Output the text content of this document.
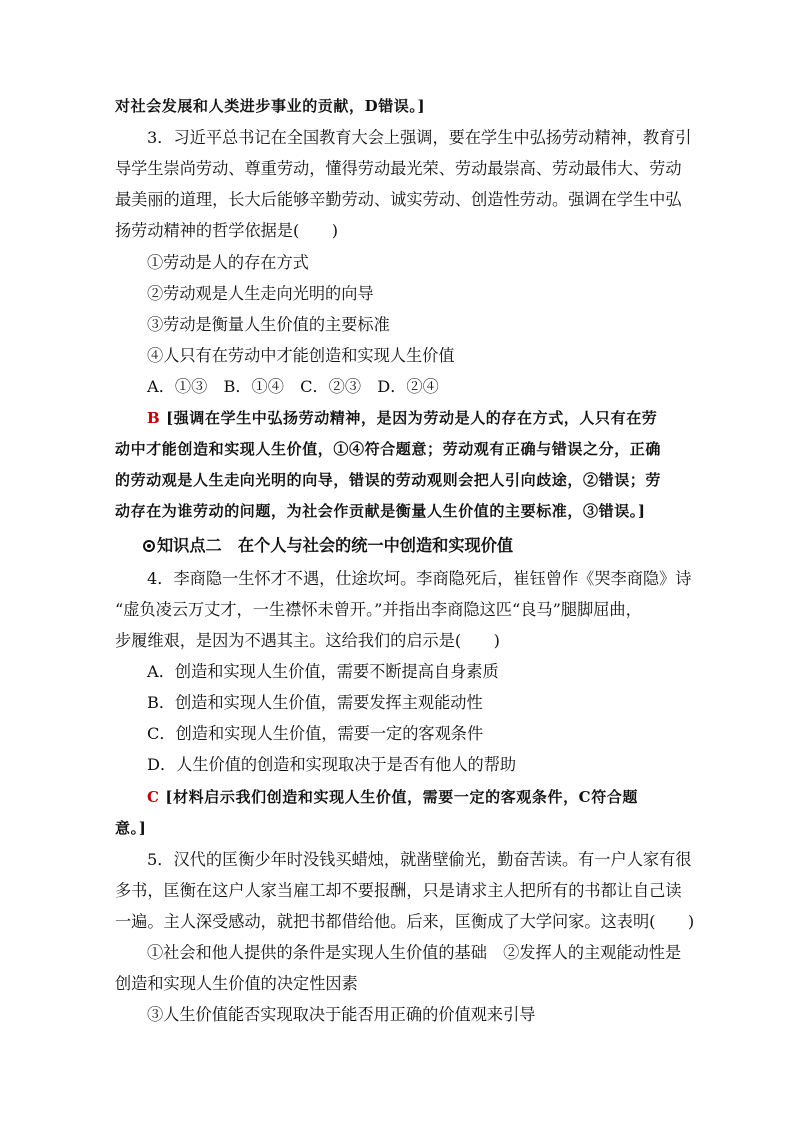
对社会发展和人类进步事业的贡献，D错误。]
3．习近平总书记在全国教育大会上强调，要在学生中弘扬劳动精神，教育引
导学生崇尚劳动、尊重劳动，懂得劳动最光荣、劳动最崇高、劳动最伟大、劳动
最美丽的道理，长大后能够辛勤劳动、诚实劳动、创造性劳动。强调在学生中弘
扬劳动精神的哲学依据是(　　)
①劳动是人的存在方式
②劳动观是人生走向光明的向导
③劳动是衡量人生价值的主要标准
④人只有在劳动中才能创造和实现人生价值
A．①③　B．①④　C．②③　D．②④
B [强调在学生中弘扬劳动精神，是因为劳动是人的存在方式，人只有在劳
动中才能创造和实现人生价值，①④符合题意；劳动观有正确与错误之分，正确
的劳动观是人生走向光明的向导，错误的劳动观则会把人引向歧途，②错误；劳
动存在为谁劳动的问题，为社会作贡献是衡量人生价值的主要标准，③错误。]
知识点二　在个人与社会的统一中创造和实现价值
4．李商隐一生怀才不遇，仕途坎坷。李商隐死后，崔钰曾作《哭李商隐》诗
“虚负凌云万丈才，一生襟怀未曾开。”并指出李商隐这匹“良马”腿脚屈曲，
步履维艰，是因为不遇其主。这给我们的启示是(　　)
A．创造和实现人生价值，需要不断提高自身素质
B．创造和实现人生价值，需要发挥主观能动性
C．创造和实现人生价值，需要一定的客观条件
D．人生价值的创造和实现取决于是否有他人的帮助
C [材料启示我们创造和实现人生价值，需要一定的客观条件，C符合题
意。]
5．汉代的匡衡少年时没钱买蜡烛，就凿壁偷光，勤奋苦读。有一户人家有很
多书，匡衡在这户人家当雇工却不要报酬，只是请求主人把所有的书都让自己读
一遍。主人深受感动，就把书都借给他。后来，匡衡成了大学问家。这表明(　　)
①社会和他人提供的条件是实现人生价值的基础　②发挥人的主观能动性是
创造和实现人生价值的决定性因素
③人生价值能否实现取决于能否用正确的价值观来引导
